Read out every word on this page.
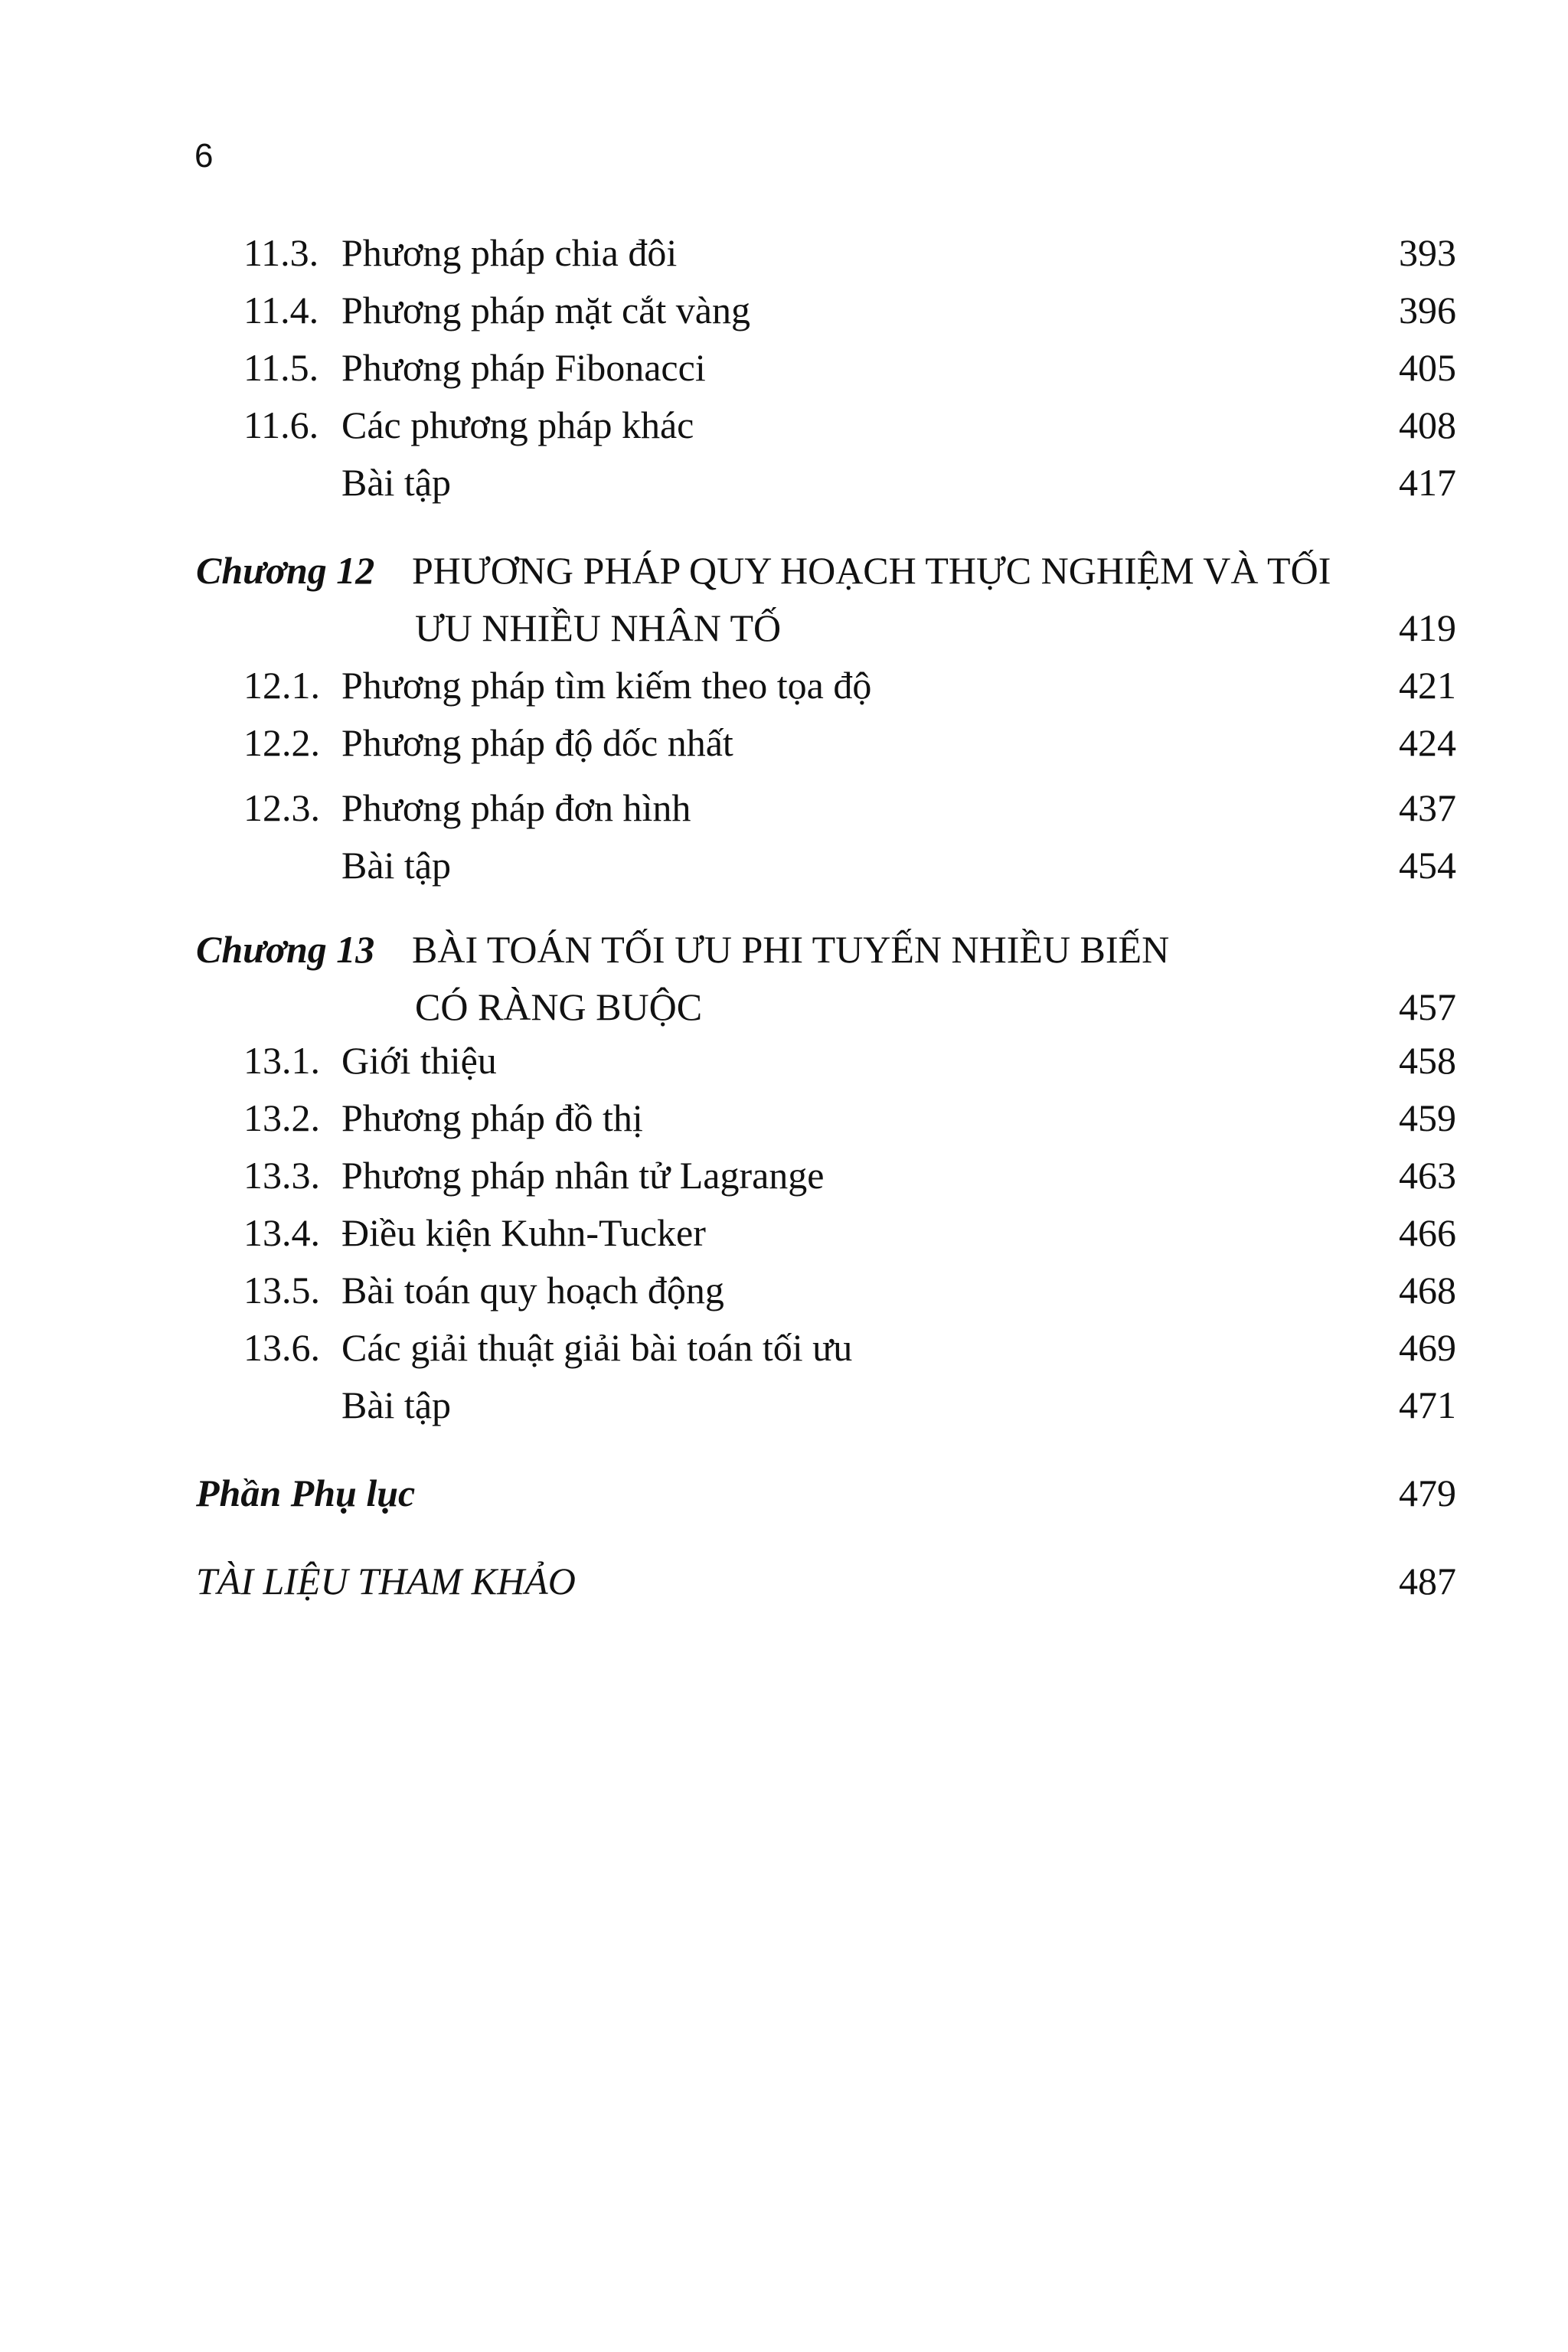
6
11.3. Phương pháp chia đôi	393
11.4. Phương pháp mặt cắt vàng	396
11.5. Phương pháp Fibonacci	405
11.6. Các phương pháp khác	408
Bài tập	417
Chương 12 PHƯƠNG PHÁP QUY HOẠCH THỰC NGHIỆM VÀ TỐI
ƯU NHIỀU NHÂN TỐ	419
12.1. Phương pháp tìm kiếm theo tọa độ	421
12.2. Phương pháp độ dốc nhất	424
12.3. Phương pháp đơn hình	437
Bài tập	454
Chương 13 BÀI TOÁN TỐI ƯU PHI TUYẾN NHIỀU BIẾN
CÓ RÀNG BUỘC	457
13.1. Giới thiệu	458
13.2. Phương pháp đồ thị	459
13.3. Phương pháp nhân tử Lagrange	463
13.4. Điều kiện Kuhn-Tucker	466
13.5. Bài toán quy hoạch động	468
13.6. Các giải thuật giải bài toán tối ưu	469
Bài tập	471
Phần Phụ lục	479
TÀI LIỆU THAM KHẢO	487
